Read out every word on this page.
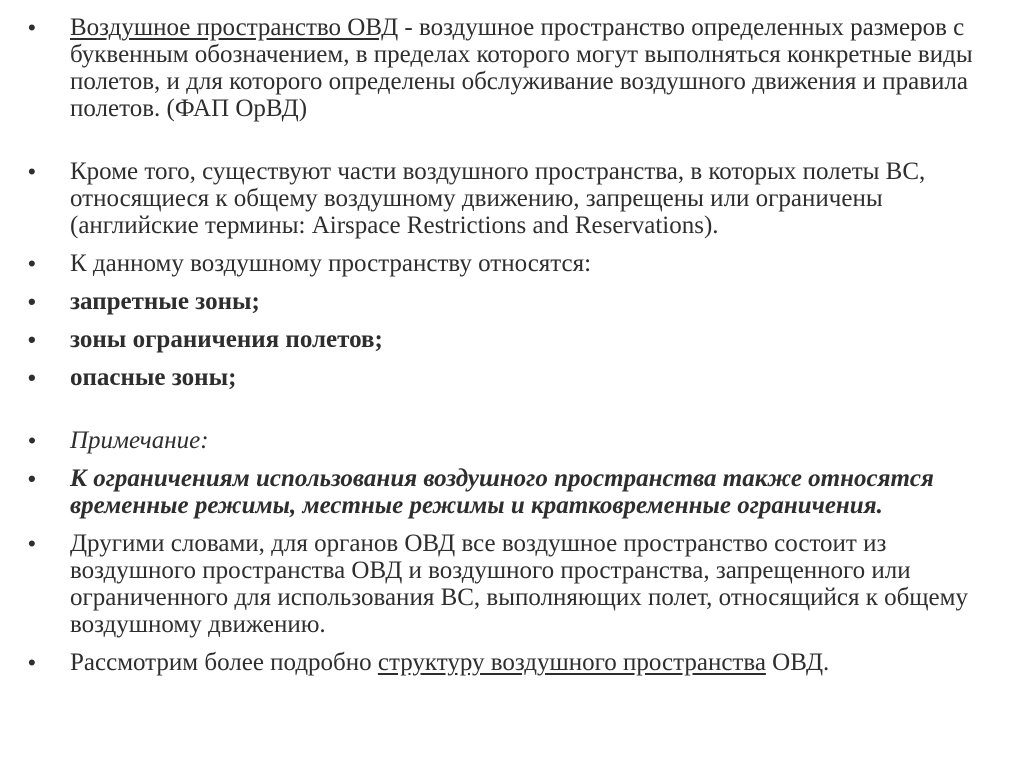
•	Воздушное пространство ОВД - воздушное пространство определенных размеров с буквенным обозначением, в пределах которого могут выполняться конкретные виды полетов, и для которого определены обслуживание воздушного движения и правила полетов. (ФАП ОрВД)
•	Кроме того, существуют части воздушного пространства, в которых полеты ВС, относящиеся к общему воздушному движению, запрещены или ограничены (английские термины: Airspace Restrictions and Reservations).
•	К данному воздушному пространству относятся:
•	запретные зоны;
•	зоны ограничения полетов;
•	опасные зоны;
•	Примечание:
•	К ограничениям использования воздушного пространства также относятся временные режимы, местные режимы и кратковременные ограничения.
•	Другими словами, для органов ОВД все воздушное пространство состоит из воздушного пространства ОВД и воздушного пространства, запрещенного или ограниченного для использования ВС, выполняющих полет, относящийся к общему воздушному движению.
•	Рассмотрим более подробно структуру воздушного пространства ОВД.
